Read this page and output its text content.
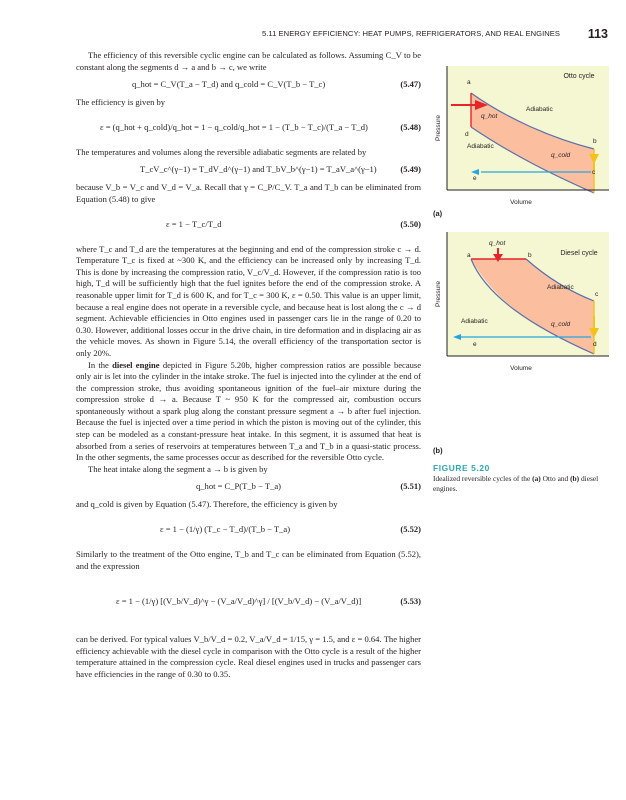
5.11 ENERGY EFFICIENCY: HEAT PUMPS, REFRIGERATORS, AND REAL ENGINES 113

The efficiency of this reversible cyclic engine can be calculated as follows. Assuming C_V to be constant along the segments d → a and b → c, we write

q_hot = C_V(T_a − T_d) and q_cold = C_V(T_b − T_c)	(5.47)

The efficiency is given by

ε = (q_hot + q_cold)/q_hot = 1 − q_cold/q_hot = 1 − (T_b − T_c)/(T_a − T_d)	(5.48)

The temperatures and volumes along the reversible adiabatic segments are related by

T_cV_c^(γ−1) = T_dV_d^(γ−1) and T_bV_b^(γ−1) = T_aV_a^(γ−1)	(5.49)

because V_b = V_c and V_d = V_a. Recall that γ = C_P/C_V. T_a and T_b can be eliminated from Equation (5.48) to give

ε = 1 − T_c/T_d	(5.50)

where T_c and T_d are the temperatures at the beginning and end of the compression stroke c → d. Temperature T_c is fixed at ~300 K, and the efficiency can be increased only by increasing T_d. This is done by increasing the compression ratio, V_c/V_d. However, if the compression ratio is too high, T_d will be sufficiently high that the fuel ignites before the end of the compression stroke. A reasonable upper limit for T_d is 600 K, and for T_c = 300 K, ε = 0.50. This value is an upper limit, because a real engine does not operate in a reversible cycle, and because heat is lost along the c → d segment. Achievable efficiencies in Otto engines used in passenger cars lie in the range of 0.20 to 0.30. However, additional losses occur in the drive chain, in tire deformation and in displacing air as the vehicle moves. As shown in Figure 5.14, the overall efficiency of the transportation sector is only 20%.

In the diesel engine depicted in Figure 5.20b, higher compression ratios are possible because only air is let into the cylinder in the intake stroke. The fuel is injected into the cylinder at the end of the compression stroke, thus avoiding spontaneous ignition of the fuel–air mixture during the compression stroke d → a. Because T ~ 950 K for the compressed air, combustion occurs spontaneously without a spark plug along the constant pressure segment a → b after fuel injection. Because the fuel is injected over a time period in which the piston is moving out of the cylinder, this step can be modeled as a constant-pressure heat intake. In this segment, it is assumed that heat is absorbed from a series of reservoirs at temperatures between T_a and T_b in a quasi-static process. In the other segments, the same processes occur as described for the reversible Otto cycle.

The heat intake along the segment a → b is given by

q_hot = C_P(T_b − T_a)	(5.51)

and q_cold is given by Equation (5.47). Therefore, the efficiency is given by

ε = 1 − (1/γ) (T_c − T_d)/(T_b − T_a)	(5.52)

Similarly to the treatment of the Otto engine, T_b and T_c can be eliminated from Equation (5.52), and the expression

ε = 1 − (1/γ) [(V_b/V_d)^γ − (V_a/V_d)^γ] / [(V_b/V_d) − (V_a/V_d)]	(5.53)

can be derived. For typical values V_b/V_d = 0.2, V_a/V_d = 1/15, γ = 1.5, and ε = 0.64. The higher efficiency achievable with the diesel cycle in comparison with the Otto cycle is a result of the higher temperature attained in the compression cycle. Real diesel engines used in trucks and passenger cars have efficiencies in the range of 0.30 to 0.35.

Otto cycle
a
b
c
d
e
Adiabatic
Adiabatic
q_hot
q_cold
Volume
Pressure
(a)
Diesel cycle
a	b
c
d
e
Adiabatic
Adiabatic
q_hot
q_cold
Volume
Pressure
(b)
FIGURE 5.20
Idealized reversible cycles of the (a) Otto and (b) diesel engines.
